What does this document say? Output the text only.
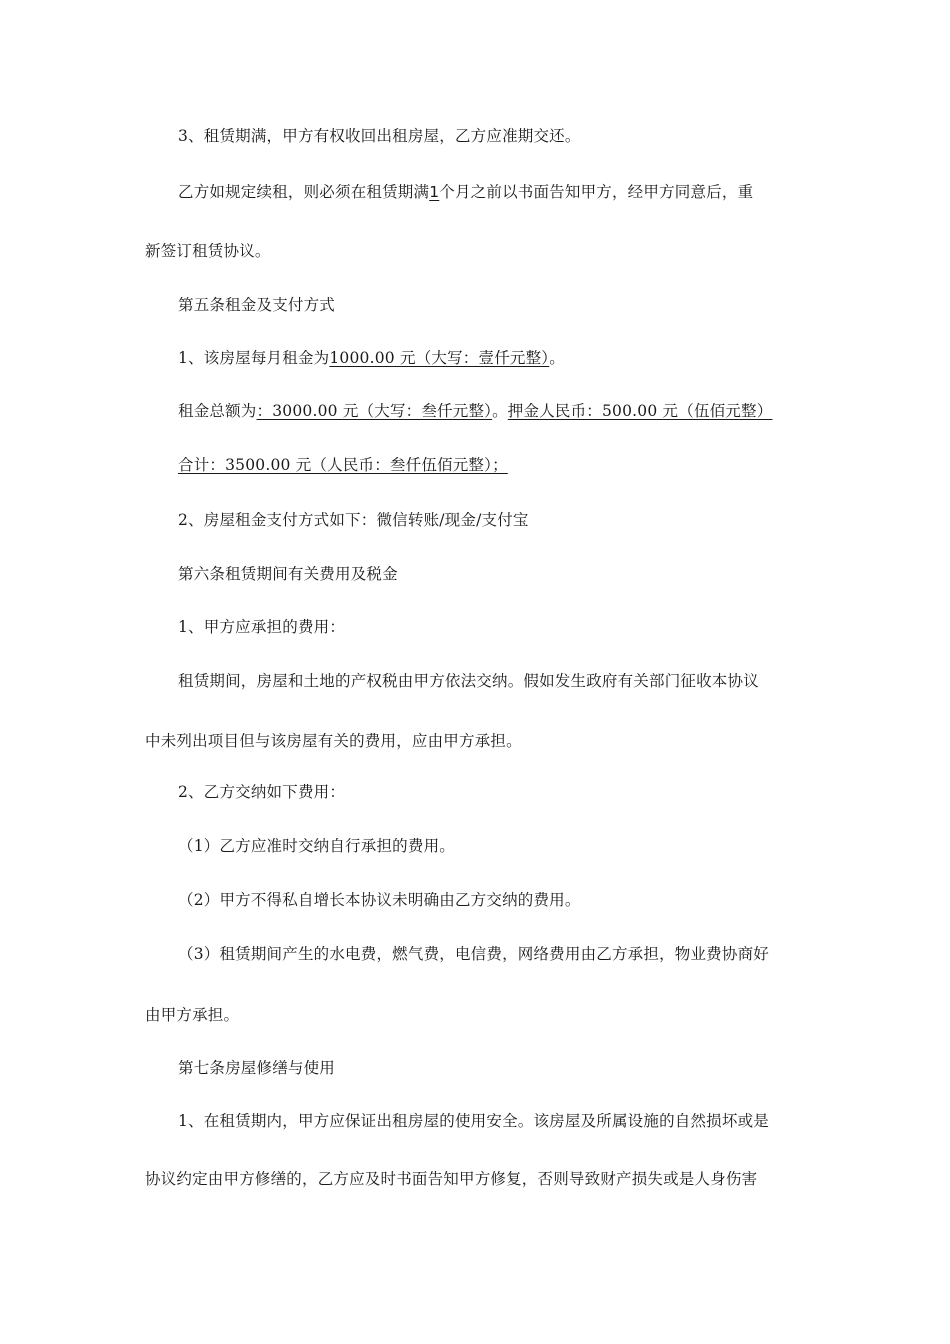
3、租赁期满，甲方有权收回出租房屋，乙方应准期交还。
乙方如规定续租，则必须在租赁期满1个月之前以书面告知甲方，经甲方同意后，重
新签订租赁协议。
第五条租金及支付方式
1、该房屋每月租金为1000.00 元（大写：壹仟元整）。
租金总额为：3000.00 元（大写：叁仟元整）。押金人民币：500.00 元（伍佰元整）
合计：3500.00 元（人民币：叁仟伍佰元整）；
2、房屋租金支付方式如下：微信转账/现金/支付宝
第六条租赁期间有关费用及税金
1、甲方应承担的费用：
租赁期间，房屋和土地的产权税由甲方依法交纳。假如发生政府有关部门征收本协议
中未列出项目但与该房屋有关的费用，应由甲方承担。
2、乙方交纳如下费用：
（1）乙方应准时交纳自行承担的费用。
（2）甲方不得私自增长本协议未明确由乙方交纳的费用。
（3）租赁期间产生的水电费，燃气费，电信费，网络费用由乙方承担，物业费协商好
由甲方承担。
第七条房屋修缮与使用
1、在租赁期内，甲方应保证出租房屋的使用安全。该房屋及所属设施的自然损坏或是
协议约定由甲方修缮的，乙方应及时书面告知甲方修复，否则导致财产损失或是人身伤害
